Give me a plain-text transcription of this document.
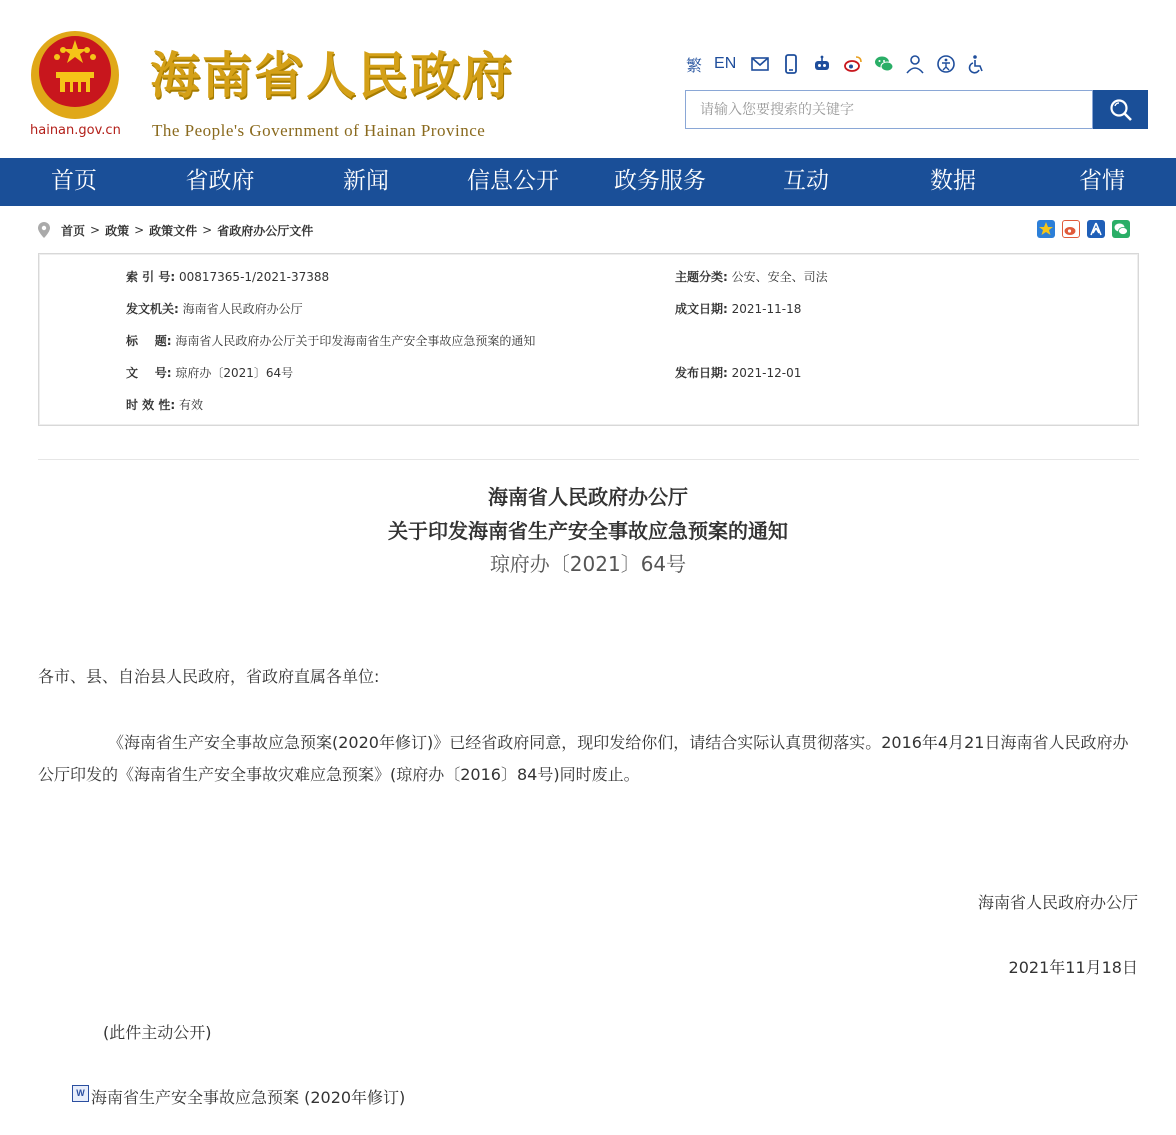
hainan.gov.cn
海南省人民政府
The People's Government of Hainan Province
繁 EN
请输入您要搜索的关键字
首页	省政府	新闻	信息公开 政务服务	互动	数据	省情
首页 > 政策 > 政策文件 > 省政府办公厅文件
索 引 号: 00817365-1/2021-37388	主题分类: 公安、安全、司法
发文机关: 海南省人民政府办公厅	成文日期: 2021-11-18
标    题: 海南省人民政府办公厅关于印发海南省生产安全事故应急预案的通知
文    号: 琼府办〔2021〕64号	发布日期: 2021-12-01
时 效 性: 有效
海南省人民政府办公厅
关于印发海南省生产安全事故应急预案的通知
琼府办〔2021〕64号
各市、县、自治县人民政府，省政府直属各单位:
《海南省生产安全事故应急预案(2020年修订)》已经省政府同意，现印发给你们，请结合实际认真贯彻落实。2016年4月21日海南省人民政府办公厅印发的《海南省生产安全事故灾难应急预案》(琼府办〔2016〕84号)同时废止。
海南省人民政府办公厅
2021年11月18日
(此件主动公开)
W 海南省生产安全事故应急预案 (2020年修订)
